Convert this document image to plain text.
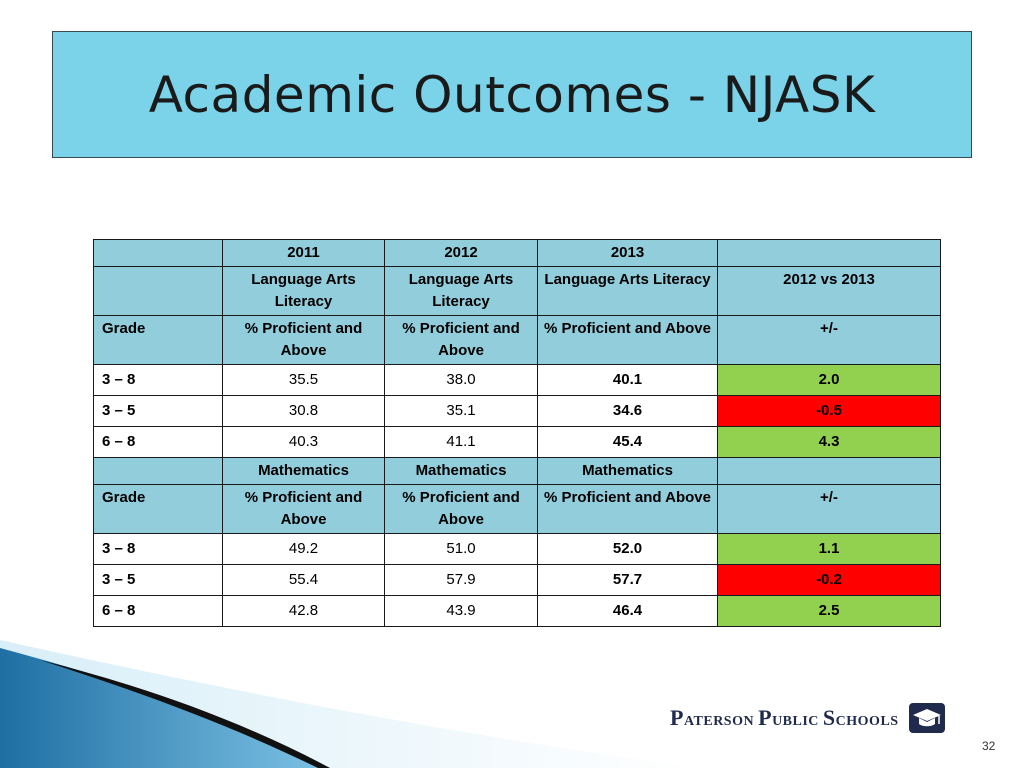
Academic Outcomes - NJASK
	2011	2012	2013	
	Language Arts Literacy	Language Arts Literacy	Language Arts Literacy	2012 vs 2013
Grade	% Proficient and Above	% Proficient and Above	% Proficient and Above	+/-
3 – 8	35.5	38.0	40.1	2.0
3 – 5	30.8	35.1	34.6	-0.5
6 – 8	40.3	41.1	45.4	4.3
	Mathematics	Mathematics	Mathematics	
Grade	% Proficient and Above	% Proficient and Above	% Proficient and Above	+/-
3 – 8	49.2	51.0	52.0	1.1
3 – 5	55.4	57.9	57.7	-0.2
6 – 8	42.8	43.9	46.4	2.5
PATERSON PUBLIC SCHOOLS
32
